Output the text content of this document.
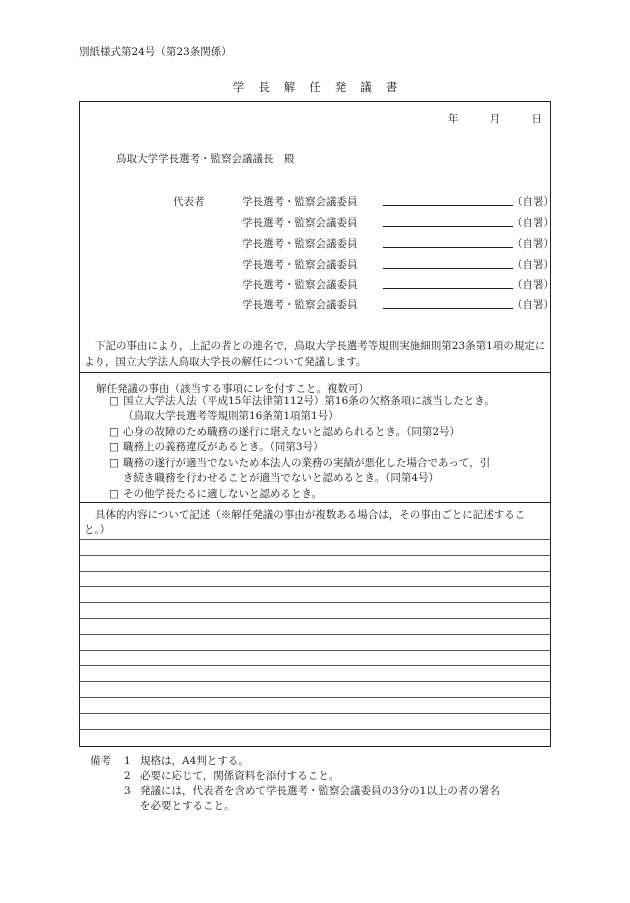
別紙様式第24号（第23条関係）
学長解任発議書
年	月	日
鳥取大学学長選考・監察会議議長　殿
代表者	学長選考・監察会議委員	（自署）
学長選考・監察会議委員	（自署）
学長選考・監察会議委員	（自署）
学長選考・監察会議委員	（自署）
学長選考・監察会議委員	（自署）
学長選考・監察会議委員	（自署）
下記の事由により，上記の者との連名で，鳥取大学長選考等規則実施細則第23条第1項の規定により，国立大学法人鳥取大学長の解任について発議します。
解任発議の事由（該当する事項にレを付すこと。複数可）
□ 国立大学法人法（平成15年法律第112号）第16条の欠格条項に該当したとき。
（鳥取大学長選考等規則第16条第1項第1号）
□ 心身の故障のため職務の遂行に堪えないと認められるとき。（同第2号）
□ 職務上の義務違反があるとき。（同第3号）
□ 職務の遂行が適当でないため本法人の業務の実績が悪化した場合であって，引
き続き職務を行わせることが適当でないと認めるとき。（同第4号）
□ その他学長たるに適しないと認めるとき。
具体的内容について記述（※解任発議の事由が複数ある場合は，その事由ごとに記述すること。）
備考 1 規格は，A4判とする。
2 必要に応じて，関係資料を添付すること。
3 発議には，代表者を含めて学長選考・監察会議委員の3分の1以上の者の署名
を必要とすること。
